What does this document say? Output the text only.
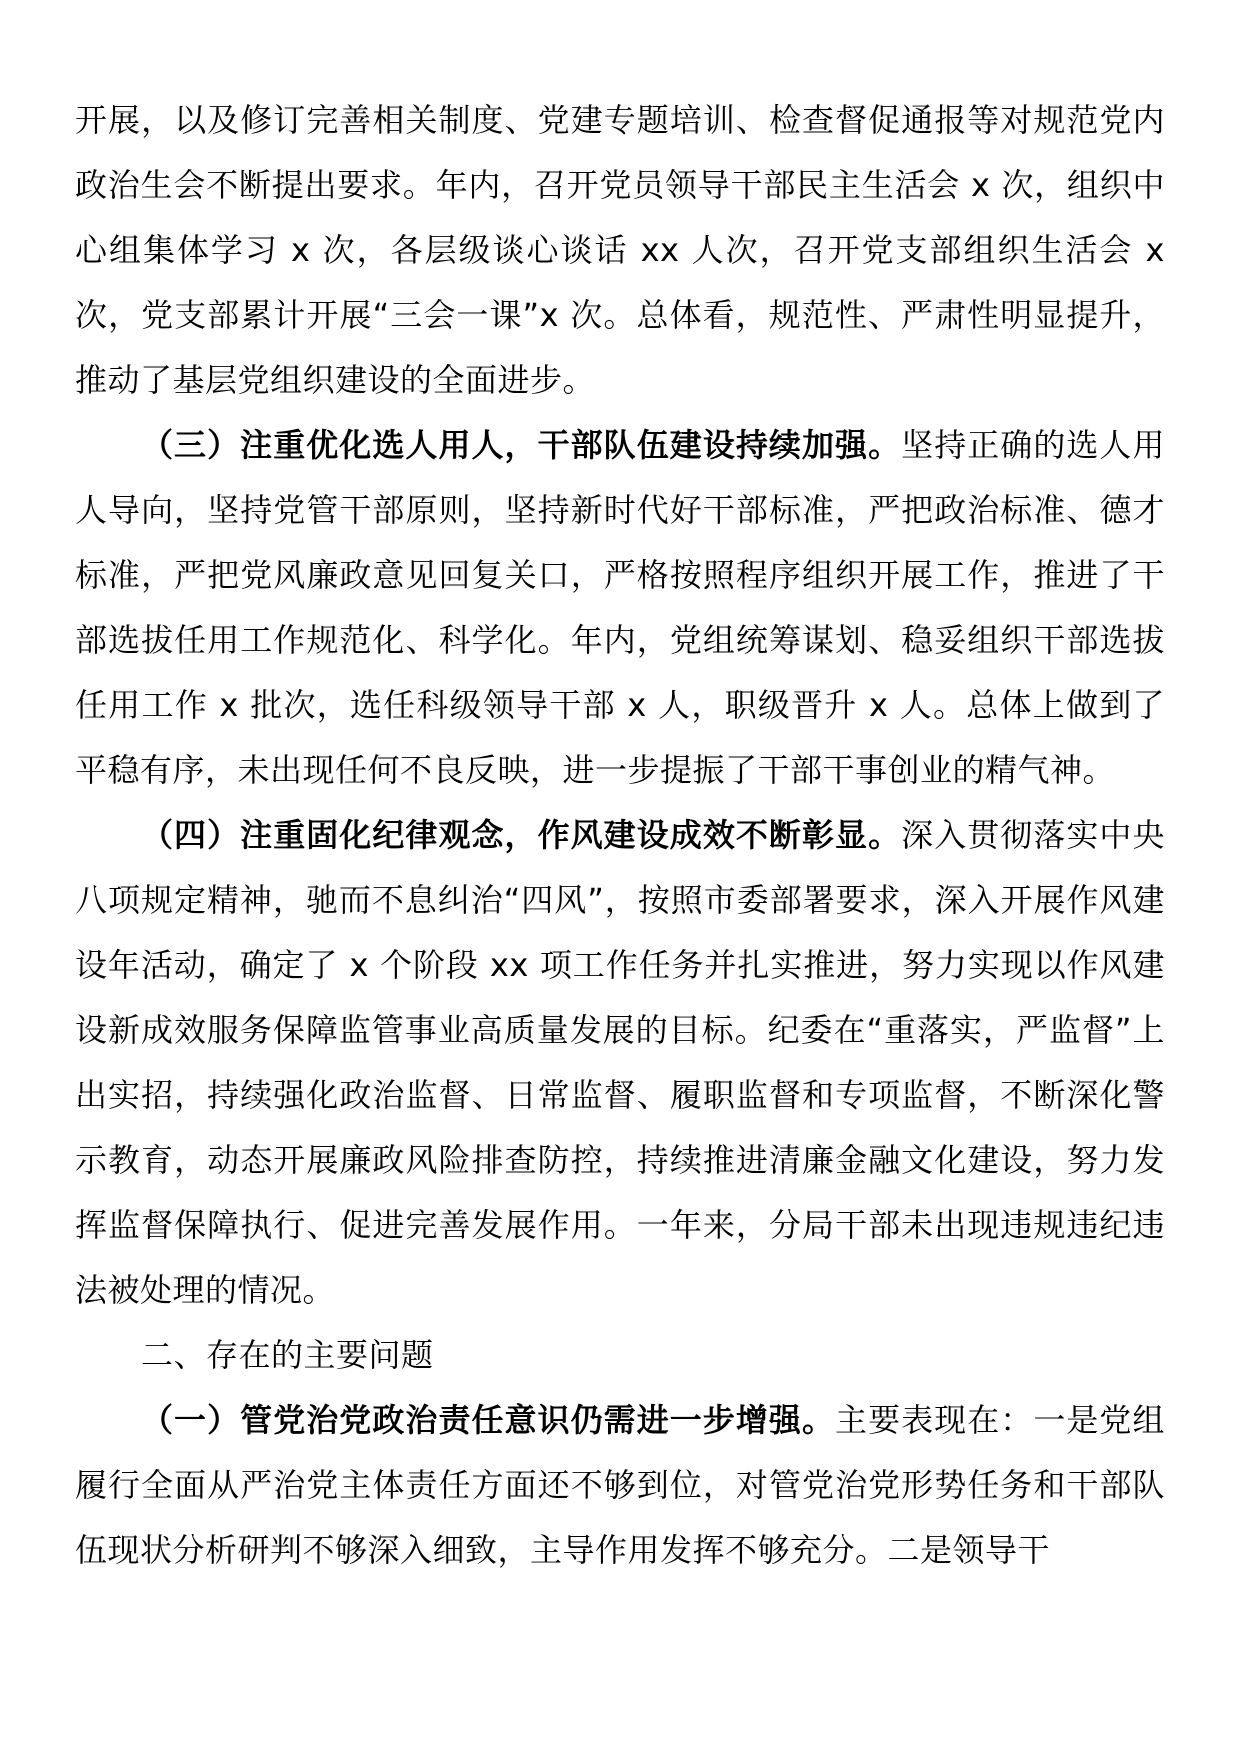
开展，以及修订完善相关制度、党建专题培训、检查督促通报等对规范党内政治生会不断提出要求。年内，召开党员领导干部民主生活会 x 次，组织中心组集体学习 x 次，各层级谈心谈话 xx 人次，召开党支部组织生活会 x 次，党支部累计开展“三会一课”x 次。总体看，规范性、严肃性明显提升，推动了基层党组织建设的全面进步。

（三）注重优化选人用人，干部队伍建设持续加强。坚持正确的选人用人导向，坚持党管干部原则，坚持新时代好干部标准，严把政治标准、德才标准，严把党风廉政意见回复关口，严格按照程序组织开展工作，推进了干部选拔任用工作规范化、科学化。年内，党组统筹谋划、稳妥组织干部选拔任用工作 x 批次，选任科级领导干部 x 人，职级晋升 x 人。总体上做到了平稳有序，未出现任何不良反映，进一步提振了干部干事创业的精气神。

（四）注重固化纪律观念，作风建设成效不断彰显。深入贯彻落实中央八项规定精神，驰而不息纠治“四风”，按照市委部署要求，深入开展作风建设年活动，确定了 x 个阶段 xx 项工作任务并扎实推进，努力实现以作风建设新成效服务保障监管事业高质量发展的目标。纪委在“重落实，严监督”上出实招，持续强化政治监督、日常监督、履职监督和专项监督，不断深化警示教育，动态开展廉政风险排查防控，持续推进清廉金融文化建设，努力发挥监督保障执行、促进完善发展作用。一年来，分局干部未出现违规违纪违法被处理的情况。

二、存在的主要问题

（一）管党治党政治责任意识仍需进一步增强。主要表现在：一是党组履行全面从严治党主体责任方面还不够到位，对管党治党形势任务和干部队伍现状分析研判不够深入细致，主导作用发挥不够充分。二是领导干
